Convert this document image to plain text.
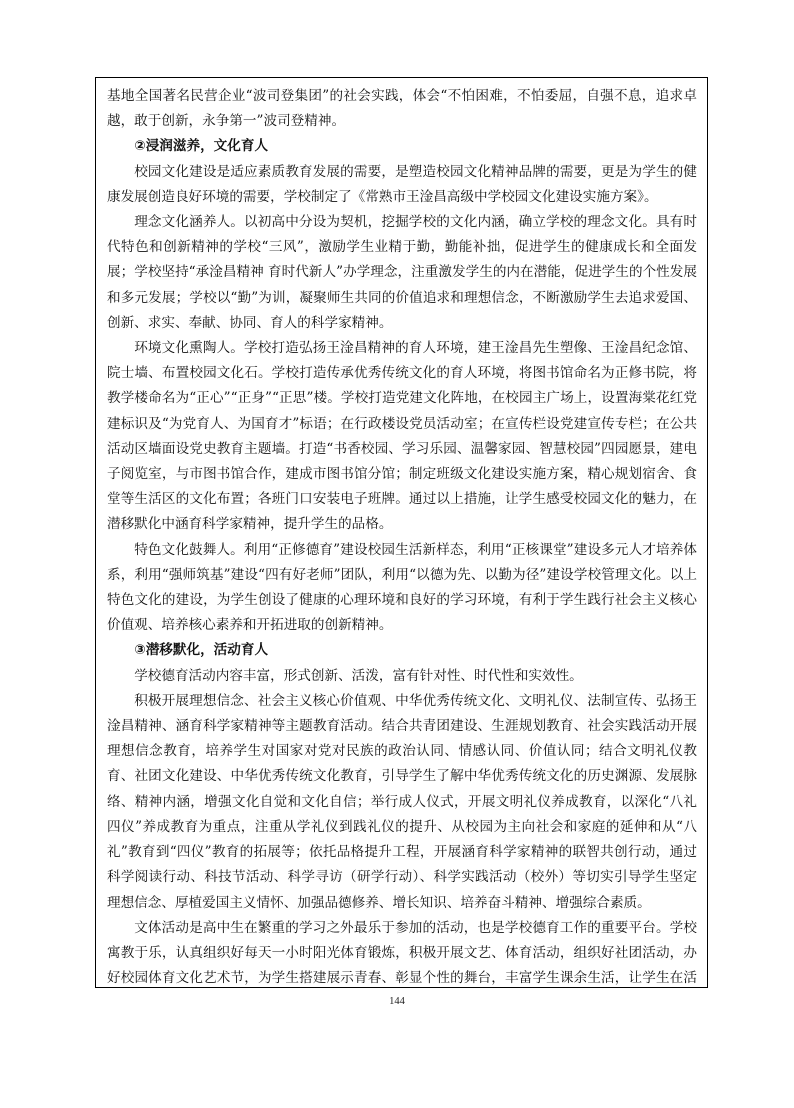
基地全国著名民营企业“波司登集团”的社会实践，体会“不怕困难，不怕委屈，自强不息，追求卓越，敢于创新，永争第一”波司登精神。

②浸润滋养，文化育人

校园文化建设是适应素质教育发展的需要，是塑造校园文化精神品牌的需要，更是为学生的健康发展创造良好环境的需要，学校制定了《常熟市王淦昌高级中学校园文化建设实施方案》。

理念文化涵养人。以初高中分设为契机，挖掘学校的文化内涵，确立学校的理念文化。具有时代特色和创新精神的学校“三风”，激励学生业精于勤，勤能补拙，促进学生的健康成长和全面发展；学校坚持“承淦昌精神 育时代新人”办学理念，注重激发学生的内在潜能，促进学生的个性发展和多元发展；学校以“勤”为训，凝聚师生共同的价值追求和理想信念，不断激励学生去追求爱国、创新、求实、奉献、协同、育人的科学家精神。

环境文化熏陶人。学校打造弘扬王淦昌精神的育人环境，建王淦昌先生塑像、王淦昌纪念馆、院士墙、布置校园文化石。学校打造传承优秀传统文化的育人环境，将图书馆命名为正修书院，将教学楼命名为“正心”“正身”“正思”楼。学校打造党建文化阵地，在校园主广场上，设置海棠花红党建标识及“为党育人、为国育才”标语；在行政楼设党员活动室；在宣传栏设党建宣传专栏；在公共活动区墙面设党史教育主题墙。打造“书香校园、学习乐园、温馨家园、智慧校园”四园愿景，建电子阅览室，与市图书馆合作，建成市图书馆分馆；制定班级文化建设实施方案，精心规划宿舍、食堂等生活区的文化布置；各班门口安装电子班牌。通过以上措施，让学生感受校园文化的魅力，在潜移默化中涵育科学家精神，提升学生的品格。

特色文化鼓舞人。利用“正修德育”建设校园生活新样态，利用“正核课堂”建设多元人才培养体系，利用“强师筑基”建设“四有好老师”团队，利用“以德为先、以勤为径”建设学校管理文化。以上特色文化的建设，为学生创设了健康的心理环境和良好的学习环境，有利于学生践行社会主义核心价值观、培养核心素养和开拓进取的创新精神。

③潜移默化，活动育人

学校德育活动内容丰富，形式创新、活泼，富有针对性、时代性和实效性。

积极开展理想信念、社会主义核心价值观、中华优秀传统文化、文明礼仪、法制宣传、弘扬王淦昌精神、涵育科学家精神等主题教育活动。结合共青团建设、生涯规划教育、社会实践活动开展理想信念教育，培养学生对国家对党对民族的政治认同、情感认同、价值认同；结合文明礼仪教育、社团文化建设、中华优秀传统文化教育，引导学生了解中华优秀传统文化的历史渊源、发展脉络、精神内涵，增强文化自觉和文化自信；举行成人仪式，开展文明礼仪养成教育，以深化“八礼四仪”养成教育为重点，注重从学礼仪到践礼仪的提升、从校园为主向社会和家庭的延伸和从“八礼”教育到“四仪”教育的拓展等；依托品格提升工程，开展涵育科学家精神的联智共创行动，通过科学阅读行动、科技节活动、科学寻访（研学行动）、科学实践活动（校外）等切实引导学生坚定理想信念、厚植爱国主义情怀、加强品德修养、增长知识、培养奋斗精神、增强综合素质。

文体活动是高中生在繁重的学习之外最乐于参加的活动，也是学校德育工作的重要平台。学校寓教于乐，认真组织好每天一小时阳光体育锻炼，积极开展文艺、体育活动，组织好社团活动，办好校园体育文化艺术节，为学生搭建展示青春、彰显个性的舞台，丰富学生课余生活，让学生在活

144
